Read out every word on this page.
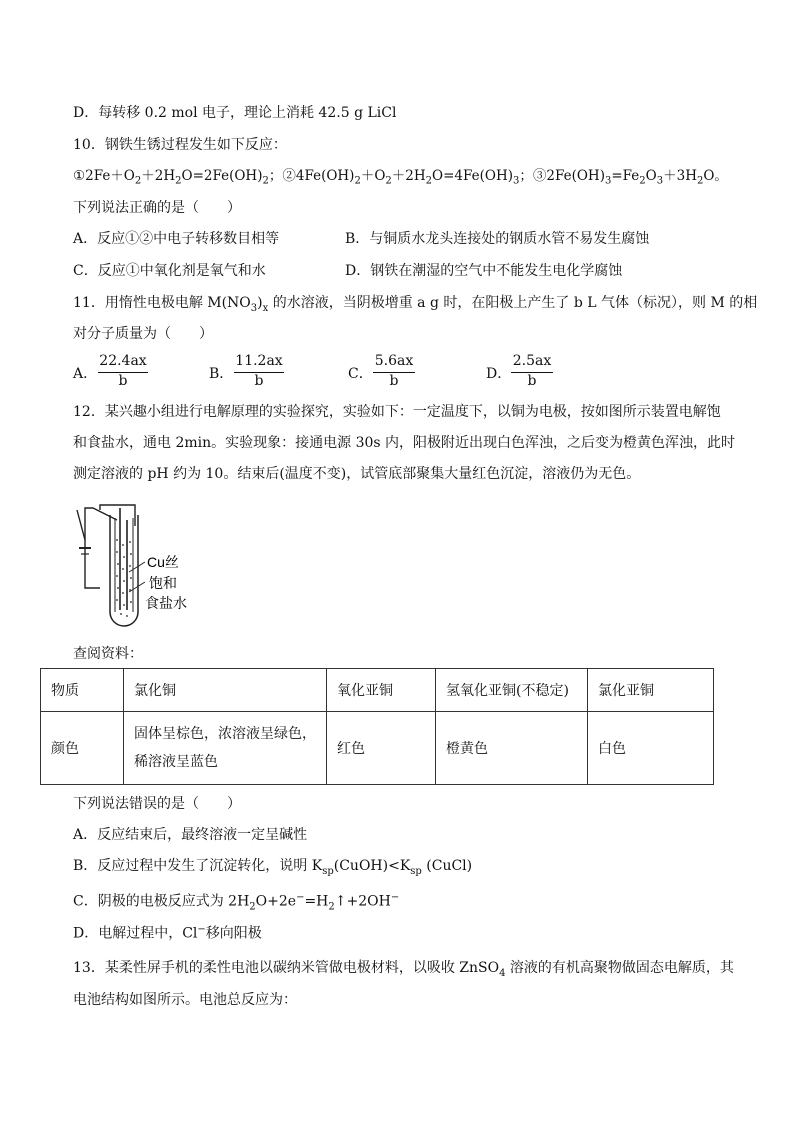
D．每转移 0.2 mol 电子，理论上消耗 42.5 g LiCl
10．钢铁生锈过程发生如下反应：
$①2Fe+O_2+2H_2O=2Fe(OH)_2$；$②4Fe(OH)_2+O_2+2H_2O=4Fe(OH)_3$；$③2Fe(OH)_3=Fe_2O_3+3H_2O$。
下列说法正确的是（　　）
A．反应①②中电子转移数目相等	B．与铜质水龙头连接处的钢质水管不易发生腐蚀
C．反应①中氧化剂是氧气和水	D．钢铁在潮湿的空气中不能发生电化学腐蚀
11．用惰性电极电解 $M(NO_3)_x$ 的水溶液，当阴极增重 a g 时，在阳极上产生了 b L 气体（标况），则 M 的相
对分子质量为（　　）
A．
22.4ax
b	B．
11.2ax
b	C．
5.6ax
b	D．
2.5ax
b
12．某兴趣小组进行电解原理的实验探究，实验如下：一定温度下，以铜为电极，按如图所示装置电解饱
和食盐水，通电 2min。实验现象：接通电源 30s 内，阳极附近出现白色浑浊，之后变为橙黄色浑浊，此时
测定溶液的 pH 约为 10。结束后(温度不变)，试管底部聚集大量红色沉淀，溶液仍为无色。
Cu丝
饱和
食盐水
查阅资料：
物质	氯化铜	氧化亚铜	氢氧化亚铜(不稳定)	氯化亚铜
颜色	固体呈棕色，浓溶液呈绿色，
稀溶液呈蓝色	红色	橙黄色	白色
下列说法错误的是（　　）
A．反应结束后，最终溶液一定呈碱性
B．反应过程中发生了沉淀转化，说明 $K_{sp}(CuOH)<K_{sp}$ (CuCl)
C．阴极的电极反应式为 $2H_2O+2e^-=H_2↑+2OH^-$
D．电解过程中，Cl−移向阳极
13．某柔性屏手机的柔性电池以碳纳米管做电极材料，以吸收 ZnSO$_4$ 溶液的有机高聚物做固态电解质，其
电池结构如图所示。电池总反应为：
